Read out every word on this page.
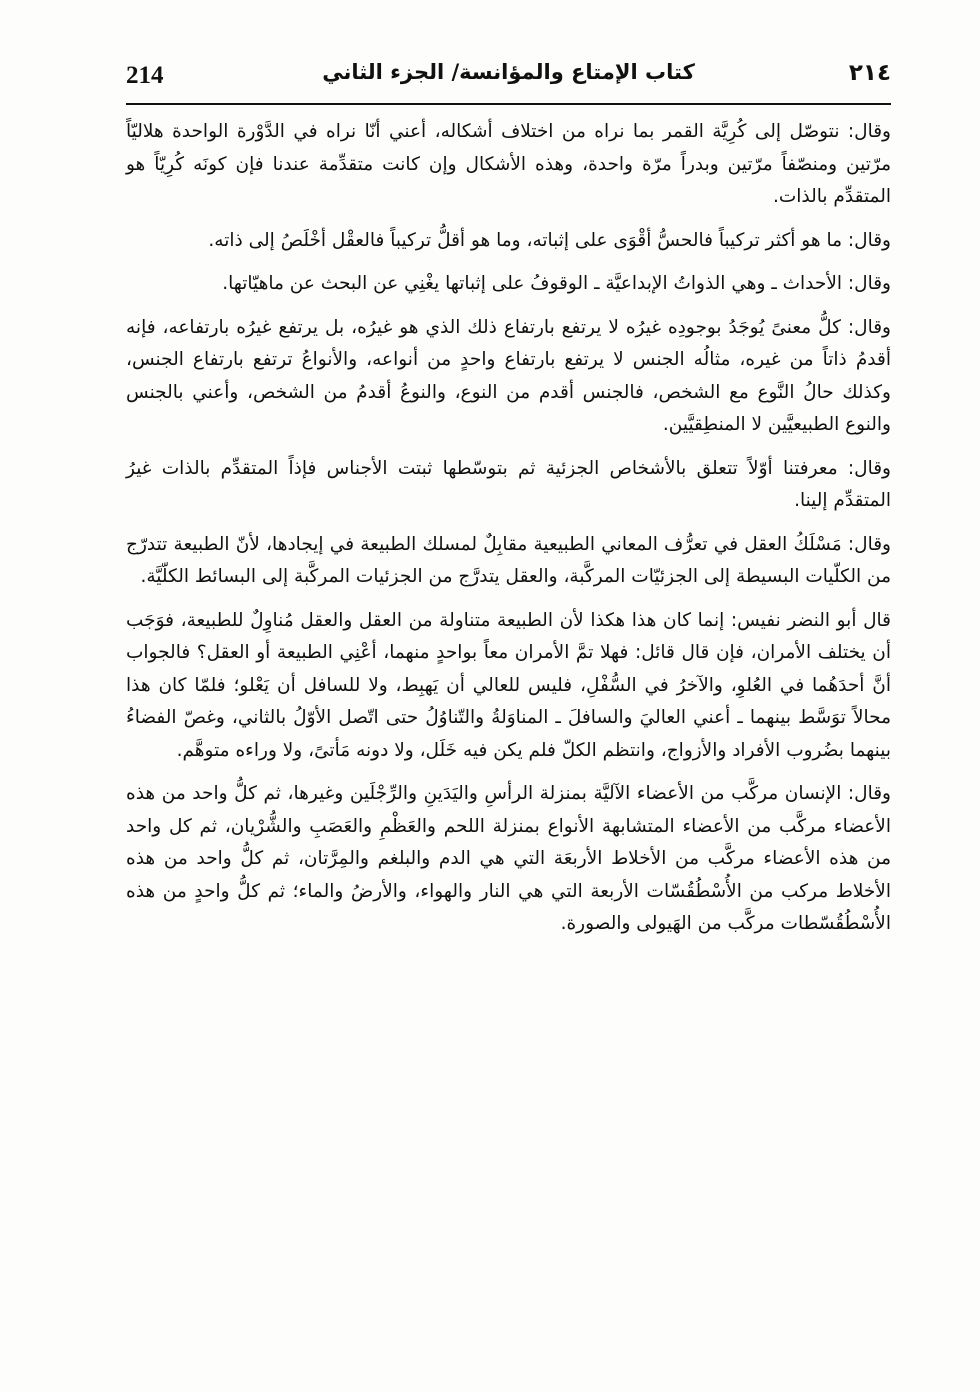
214	كتاب الإمتاع والمؤانسة/ الجزء الثاني	٢١٤

وقال: نتوصّل إلى كُرِيَّة القمر بما نراه من اختلاف أشكاله، أعني أنّا نراه في الدَّوْرة الواحدة هلاليّاً مرّتين ومنصّفاً مرّتين وبدراً مرّة واحدة، وهذه الأشكال وإن كانت متقدِّمة عندنا فإن كونَه كُرِيّاً هو المتقدِّم بالذات.

وقال: ما هو أكثر تركيباً فالحسُّ أقْوَى على إثباته، وما هو أقلُّ تركيباً فالعقْل أخْلَصُ إلى ذاته.

وقال: الأحداث ـ وهي الذواتُ الإبداعيَّة ـ الوقوفُ على إثباتها يغْنِي عن البحث عن ماهيّاتها.

وقال: كلُّ معنىً يُوجَدُ بوجودِه غيرُه لا يرتفع بارتفاع ذلك الذي هو غيرُه، بل يرتفع غيرُه بارتفاعه، فإنه أقدمُ ذاتاً من غيره، مثالُه الجنس لا يرتفع بارتفاع واحدٍ من أنواعه، والأنواعُ ترتفع بارتفاع الجنس، وكذلك حالُ النَّوع مع الشخص، فالجنس أقدم من النوع، والنوعُ أقدمُ من الشخص، وأعني بالجنس والنوع الطبيعيَّين لا المنطِقيَّين.

وقال: معرفتنا أوّلاً تتعلق بالأشخاص الجزئية ثم بتوسّطها ثبتت الأجناس فإذاً المتقدِّم بالذات غيرُ المتقدِّم إلينا.

وقال: مَسْلَكُ العقل في تعرُّف المعاني الطبيعية مقابِلٌ لمسلك الطبيعة في إيجادها، لأنّ الطبيعة تتدرّج من الكلّيات البسيطة إلى الجزئيّات المركَّبة، والعقل يتدرَّج من الجزئيات المركَّبة إلى البسائط الكلّيَّة.

قال أبو النضر نفيس: إنما كان هذا هكذا لأن الطبيعة متناولة من العقل والعقل مُناوِلٌ للطبيعة، فوَجَب أن يختلف الأمران، فإن قال قائل: فهلا تمَّ الأمران معاً بواحدٍ منهما، أعْنِي الطبيعة أو العقل؟ فالجواب أنَّ أحدَهُما في العُلوِ، والآخرُ في السُّفْلِ، فليس للعالي أن يَهبِط، ولا للسافل أن يَعْلو؛ فلمّا كان هذا محالاً توَسَّط بينهما ـ أعني العاليَ والسافلَ ـ المناوَلةُ والتّناوُلُ حتى اتّصل الأوّلُ بالثاني، وغصّ الفضاءُ بينهما بضُروب الأفراد والأزواج، وانتظم الكلّ فلم يكن فيه خَلَل، ولا دونه مَأتىً، ولا وراءه متوهَّم.

وقال: الإنسان مركَّب من الأعضاء الآليَّة بمنزلة الرأسِ واليَدَينِ والرِّجْلَين وغيرها، ثم كلُّ واحد من هذه الأعضاء مركَّب من الأعضاء المتشابهة الأنواع بمنزلة اللحم والعَظْمِ والعَصَبِ والشُّرْيان، ثم كل واحد من هذه الأعضاء مركَّب من الأخلاط الأربعَة التي هي الدم والبلغم والمِرَّتان، ثم كلُّ واحد من هذه الأخلاط مركب من الأُسْطُقُسّات الأربعة التي هي النار والهواء، والأرضُ والماء؛ ثم كلُّ واحدٍ من هذه الأُسْطُقُسّطات مركَّب من الهَيولى والصورة.
